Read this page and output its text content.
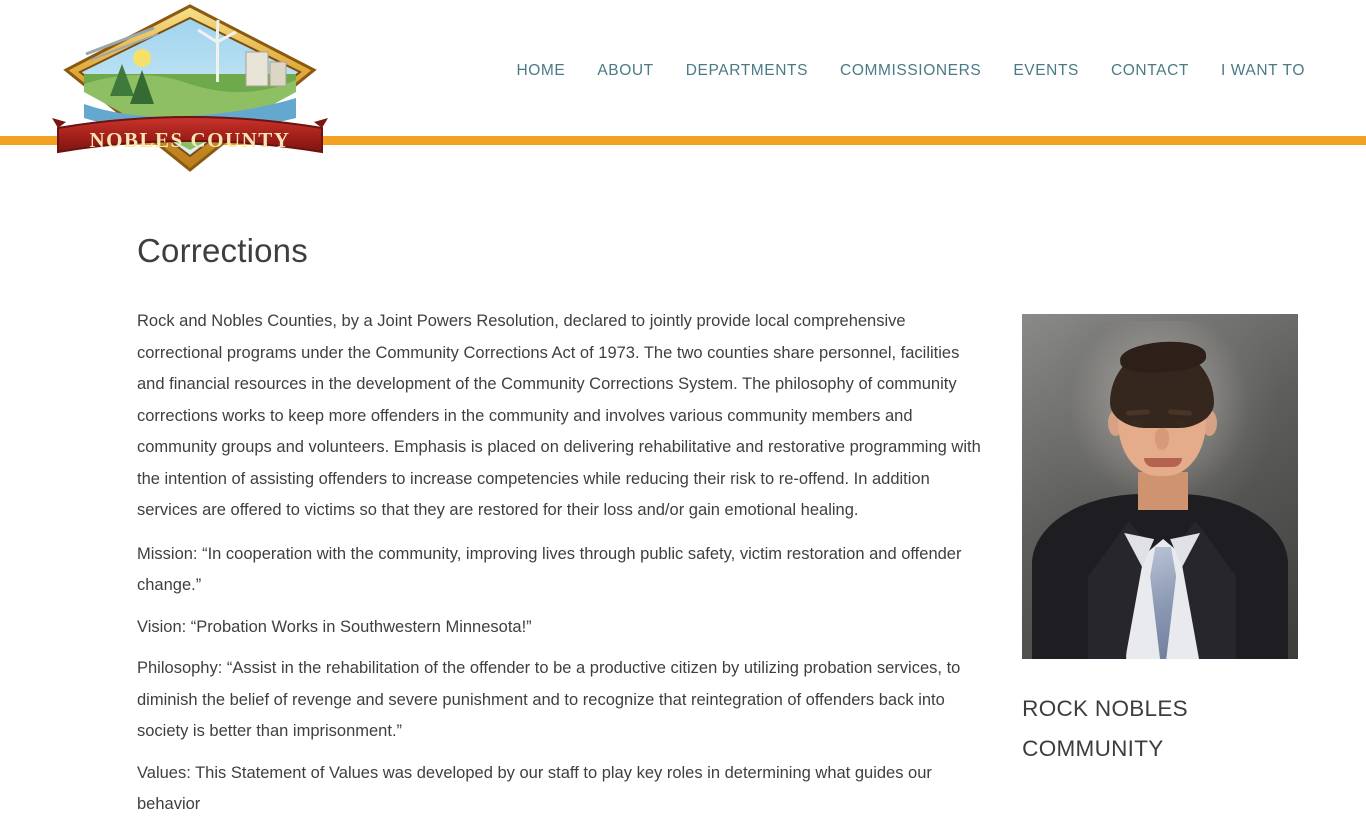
NOBLES COUNTY
HOME	ABOUT	DEPARTMENTS	COMMISSIONERS	EVENTS	CONTACT	I WANT TO
Corrections

Rock and Nobles Counties, by a Joint Powers Resolution, declared to jointly provide local comprehensive correctional programs under the Community Corrections Act of 1973. The two counties share personnel, facilities and financial resources in the development of the Community Corrections System. The philosophy of community corrections works to keep more offenders in the community and involves various community members and community groups and volunteers. Emphasis is placed on delivering rehabilitative and restorative programming with the intention of assisting offenders to increase competencies while reducing their risk to re-offend. In addition services are offered to victims so that they are restored for their loss and/or gain emotional healing.

Mission: “In cooperation with the community, improving lives through public safety, victim restoration and offender change.”

Vision: “Probation Works in Southwestern Minnesota!”

Philosophy: “Assist in the rehabilitation of the offender to be a productive citizen by utilizing probation services, to diminish the belief of revenge and severe punishment and to recognize that reintegration of offenders back into society is better than imprisonment.”

Values: This Statement of Values was developed by our staff to play key roles in determining what guides our behavior

ROCK NOBLES COMMUNITY
